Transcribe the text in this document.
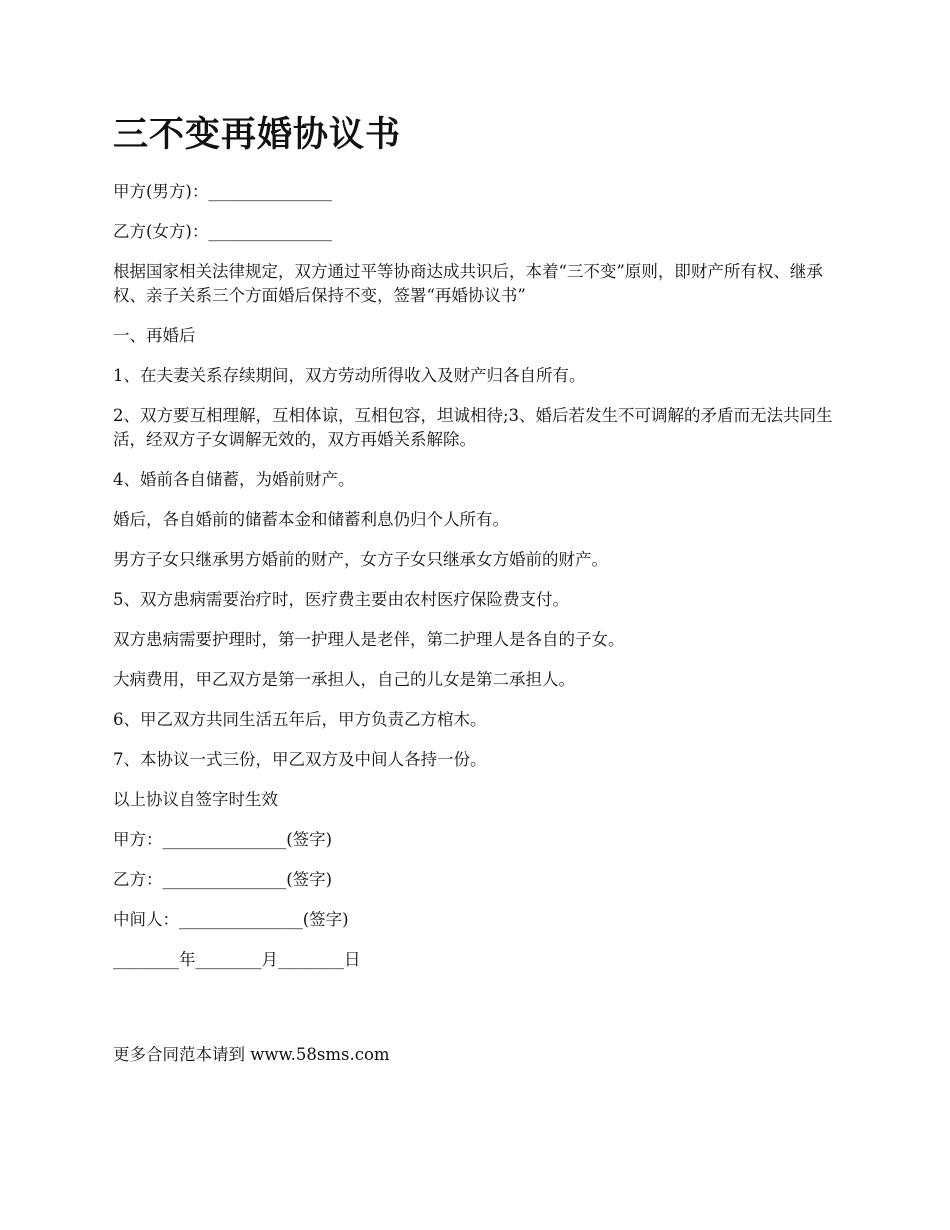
三不变再婚协议书

甲方(男方)：_______________

乙方(女方)：_______________

根据国家相关法律规定，双方通过平等协商达成共识后，本着“三不变”原则，即财产所有权、继承权、亲子关系三个方面婚后保持不变，签署“再婚协议书”

一、再婚后

1、在夫妻关系存续期间，双方劳动所得收入及财产归各自所有。

2、双方要互相理解，互相体谅，互相包容，坦诚相待;3、婚后若发生不可调解的矛盾而无法共同生活，经双方子女调解无效的，双方再婚关系解除。

4、婚前各自储蓄，为婚前财产。

婚后，各自婚前的储蓄本金和储蓄利息仍归个人所有。

男方子女只继承男方婚前的财产，女方子女只继承女方婚前的财产。

5、双方患病需要治疗时，医疗费主要由农村医疗保险费支付。

双方患病需要护理时，第一护理人是老伴，第二护理人是各自的子女。

大病费用，甲乙双方是第一承担人，自己的儿女是第二承担人。

6、甲乙双方共同生活五年后，甲方负责乙方棺木。

7、本协议一式三份，甲乙双方及中间人各持一份。

以上协议自签字时生效

甲方：_______________(签字)

乙方：_______________(签字)

中间人：_______________(签字)

________年________月________日

更多合同范本请到 www.58sms.com
